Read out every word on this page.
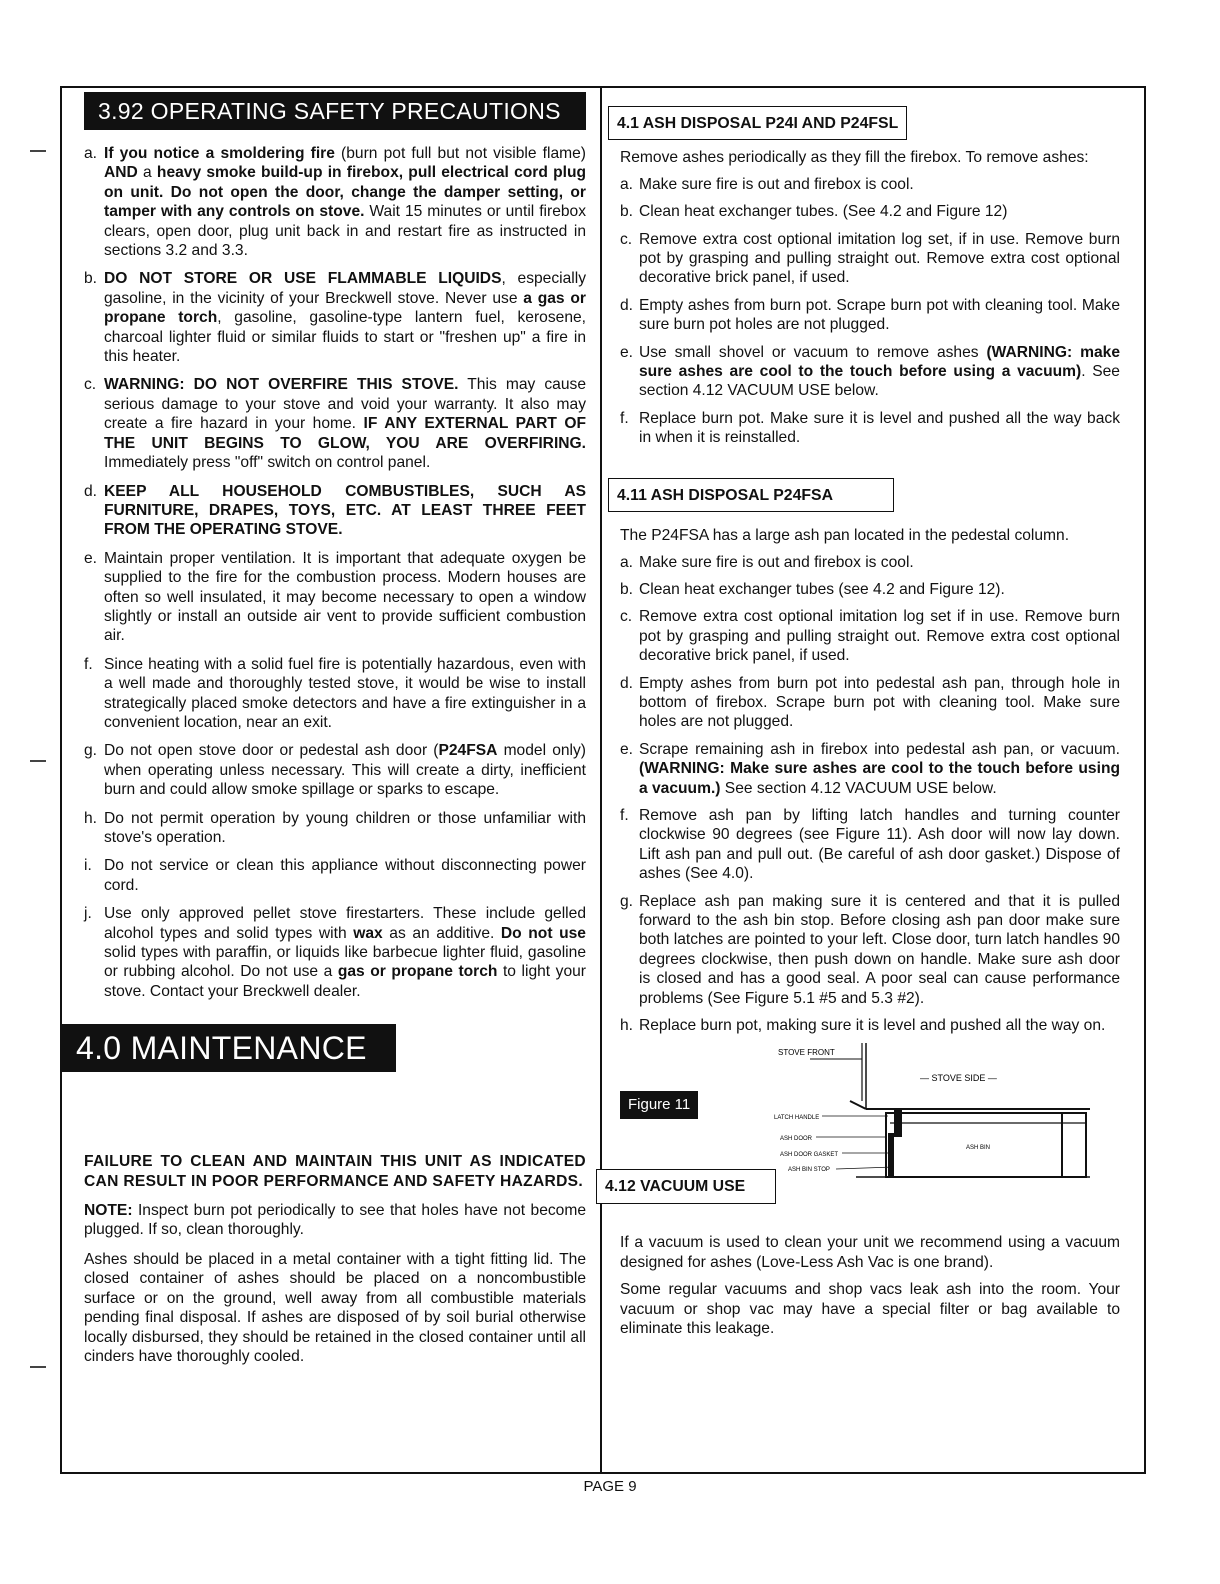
3.92 OPERATING SAFETY PRECAUTIONS
a. If you notice a smoldering fire (burn pot full but not visible flame) AND a heavy smoke build-up in firebox, pull electrical cord plug on unit. Do not open the door, change the damper setting, or tamper with any controls on stove. Wait 15 minutes or until firebox clears, open door, plug unit back in and restart fire as instructed in sections 3.2 and 3.3.
b. DO NOT STORE OR USE FLAMMABLE LIQUIDS, especially gasoline, in the vicinity of your Breckwell stove. Never use a gas or propane torch, gasoline, gasoline-type lantern fuel, kerosene, charcoal lighter fluid or similar fluids to start or "freshen up" a fire in this heater.
c. WARNING: DO NOT OVERFIRE THIS STOVE. This may cause serious damage to your stove and void your warranty. It also may create a fire hazard in your home. IF ANY EXTERNAL PART OF THE UNIT BEGINS TO GLOW, YOU ARE OVERFIRING. Immediately press "off" switch on control panel.
d. KEEP ALL HOUSEHOLD COMBUSTIBLES, SUCH AS FURNITURE, DRAPES, TOYS, ETC. AT LEAST THREE FEET FROM THE OPERATING STOVE.
e. Maintain proper ventilation. It is important that adequate oxygen be supplied to the fire for the combustion process. Modern houses are often so well insulated, it may become necessary to open a window slightly or install an outside air vent to provide sufficient combustion air.
f. Since heating with a solid fuel fire is potentially hazardous, even with a well made and thoroughly tested stove, it would be wise to install strategically placed smoke detectors and have a fire extinguisher in a convenient location, near an exit.
g. Do not open stove door or pedestal ash door (P24FSA model only) when operating unless necessary. This will create a dirty, inefficient burn and could allow smoke spillage or sparks to escape.
h. Do not permit operation by young children or those unfamiliar with stove's operation.
i. Do not service or clean this appliance without disconnecting power cord.
j. Use only approved pellet stove firestarters. These include gelled alcohol types and solid types with wax as an additive. Do not use solid types with paraffin, or liquids like barbecue lighter fluid, gasoline or rubbing alcohol. Do not use a gas or propane torch to light your stove. Contact your Breckwell dealer.
4.0 MAINTENANCE

FAILURE TO CLEAN AND MAINTAIN THIS UNIT AS INDICATED CAN RESULT IN POOR PERFORMANCE AND SAFETY HAZARDS.

NOTE: Inspect burn pot periodically to see that holes have not become plugged. If so, clean thoroughly.

Ashes should be placed in a metal container with a tight fitting lid. The closed container of ashes should be placed on a noncombustible surface or on the ground, well away from all combustible materials pending final disposal. If ashes are disposed of by soil burial otherwise locally disbursed, they should be retained in the closed container until all cinders have thoroughly cooled.

4.1 ASH DISPOSAL P24I AND P24FSL

Remove ashes periodically as they fill the firebox. To remove ashes:

a. Make sure fire is out and firebox is cool.
b. Clean heat exchanger tubes. (See 4.2 and Figure 12)
c. Remove extra cost optional imitation log set, if in use. Remove burn pot by grasping and pulling straight out. Remove extra cost optional decorative brick panel, if used.
d. Empty ashes from burn pot. Scrape burn pot with cleaning tool. Make sure burn pot holes are not plugged.
e. Use small shovel or vacuum to remove ashes (WARNING: make sure ashes are cool to the touch before using a vacuum). See section 4.12 VACUUM USE below.
f. Replace burn pot. Make sure it is level and pushed all the way back in when it is reinstalled.
4.11 ASH DISPOSAL P24FSA

The P24FSA has a large ash pan located in the pedestal column.

a. Make sure fire is out and firebox is cool.
b. Clean heat exchanger tubes (see 4.2 and Figure 12).
c. Remove extra cost optional imitation log set if in use. Remove burn pot by grasping and pulling straight out. Remove extra cost optional decorative brick panel, if used.
d. Empty ashes from burn pot into pedestal ash pan, through hole in bottom of firebox. Scrape burn pot with cleaning tool. Make sure holes are not plugged.
e. Scrape remaining ash in firebox into pedestal ash pan, or vacuum. (WARNING: Make sure ashes are cool to the touch before using a vacuum.) See section 4.12 VACUUM USE below.
f. Remove ash pan by lifting latch handles and turning counter clockwise 90 degrees (see Figure 11). Ash door will now lay down. Lift ash pan and pull out. (Be careful of ash door gasket.) Dispose of ashes (See 4.0).
g. Replace ash pan making sure it is centered and that it is pulled forward to the ash bin stop. Before closing ash pan door make sure both latches are pointed to your left. Close door, turn latch handles 90 degrees clockwise, then push down on handle. Make sure ash door is closed and has a good seal. A poor seal can cause performance problems (See Figure 5.1 #5 and 5.3 #2).
h. Replace burn pot, making sure it is level and pushed all the way on.
Figure 11
STOVE FRONT
— STOVE SIDE —
LATCH HANDLE
ASH DOOR
ASH DOOR GASKET
ASH BIN STOP
ASH BIN
4.12 VACUUM USE

If a vacuum is used to clean your unit we recommend using a vacuum designed for ashes (Love-Less Ash Vac is one brand).

Some regular vacuums and shop vacs leak ash into the room. Your vacuum or shop vac may have a special filter or bag available to eliminate this leakage.

PAGE 9
